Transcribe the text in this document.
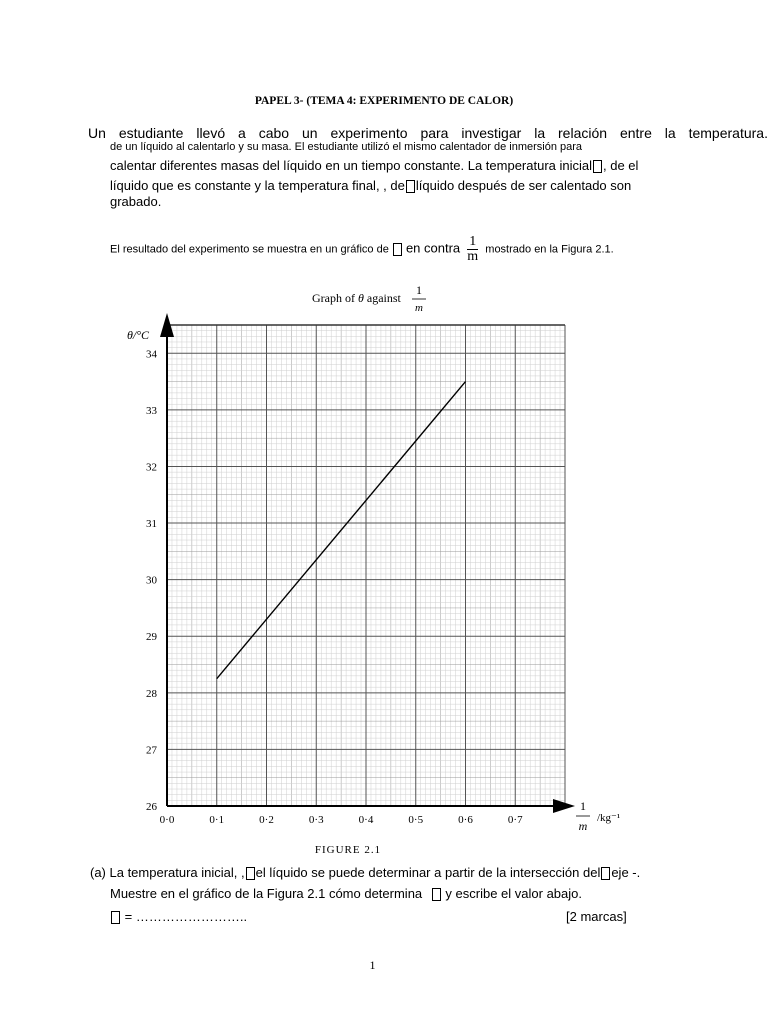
PAPEL 3- (TEMA 4: EXPERIMENTO DE CALOR)
Un estudiante llevó a cabo un experimento para investigar la relación entre la temperatura.
de un líquido al calentarlo y su masa. El estudiante utilizó el mismo calentador de inmersión para
calentar diferentes masas del líquido en un tiempo constante. La temperatura inicial , de el
líquido que es constante y la temperatura final, , de líquido después de ser calentado son
grabado.
El resultado del experimento se muestra en un gráfico de en contra $\frac{1}{m}$ mostrado en la Figura 2.1.
0·0	0·1	0·2	0·3	0·4	0·5	0·6	0·7
26
27
28
29
30
31
32
33
34
Graph of θ against
1
m
θ/°C
1
m
/kg⁻¹
FIGURE 2.1
(a) La temperatura inicial, , el líquido se puede determinar a partir de la intersección del eje -.
Muestre en el gráfico de la Figura 2.1 cómo determina y escribe el valor abajo.
= ……………………..	[2 marcas]
1
